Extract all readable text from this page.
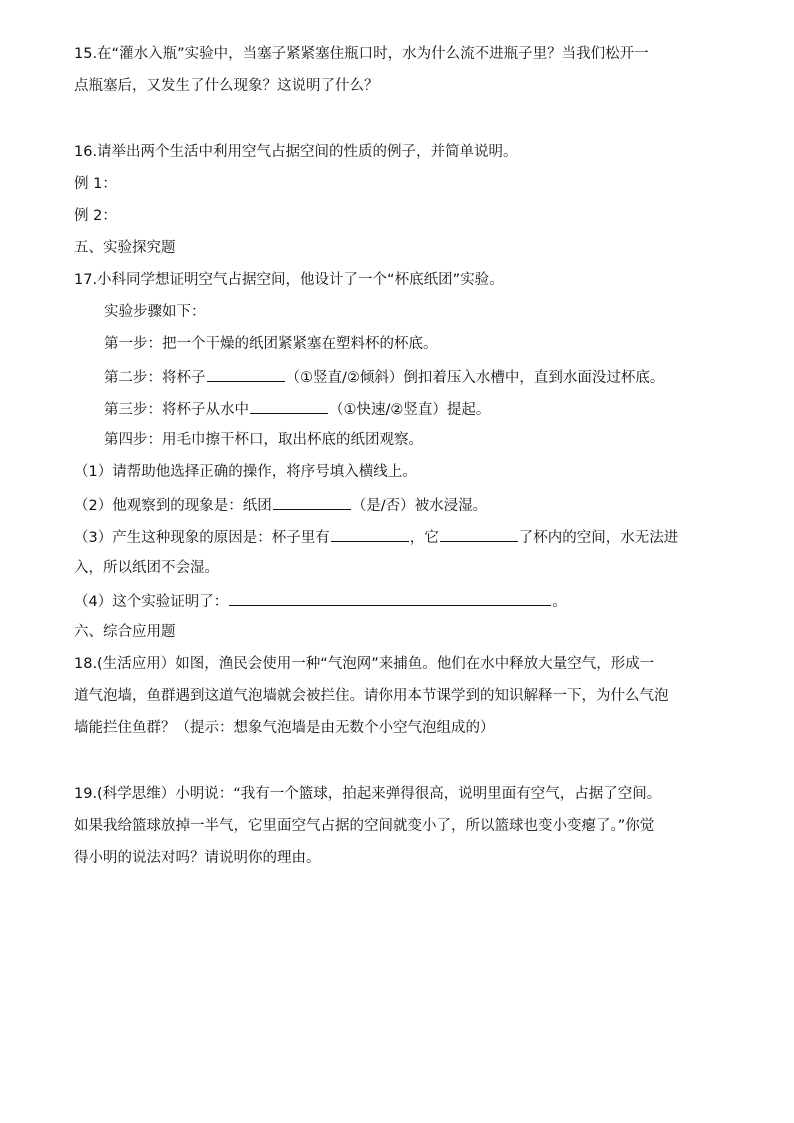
15.在“灌水入瓶”实验中，当塞子紧紧塞住瓶口时，水为什么流不进瓶子里？当我们松开一
点瓶塞后，又发生了什么现象？这说明了什么？
16.请举出两个生活中利用空气占据空间的性质的例子，并简单说明。
例 1：
例 2：
五、实验探究题
17.小科同学想证明空气占据空间，他设计了一个“杯底纸团”实验。
实验步骤如下：
第一步：把一个干燥的纸团紧紧塞在塑料杯的杯底。
第二步：将杯子	（①竖直/②倾斜）倒扣着压入水槽中，直到水面没过杯底。
第三步：将杯子从水中	（①快速/②竖直）提起。
第四步：用毛巾擦干杯口，取出杯底的纸团观察。
（1）请帮助他选择正确的操作，将序号填入横线上。
（2）他观察到的现象是：纸团	（是/否）被水浸湿。
（3）产生这种现象的原因是：杯子里有	，它	了杯内的空间，水无法进
入，所以纸团不会湿。
（4）这个实验证明了：	。
六、综合应用题
18.(生活应用）如图，渔民会使用一种“气泡网”来捕鱼。他们在水中释放大量空气，形成一
道气泡墙，鱼群遇到这道气泡墙就会被拦住。请你用本节课学到的知识解释一下，为什么气泡
墙能拦住鱼群？（提示：想象气泡墙是由无数个小空气泡组成的）
19.(科学思维）小明说：“我有一个篮球，拍起来弹得很高，说明里面有空气，占据了空间。
如果我给篮球放掉一半气，它里面空气占据的空间就变小了，所以篮球也变小变瘪了。”你觉
得小明的说法对吗？请说明你的理由。
